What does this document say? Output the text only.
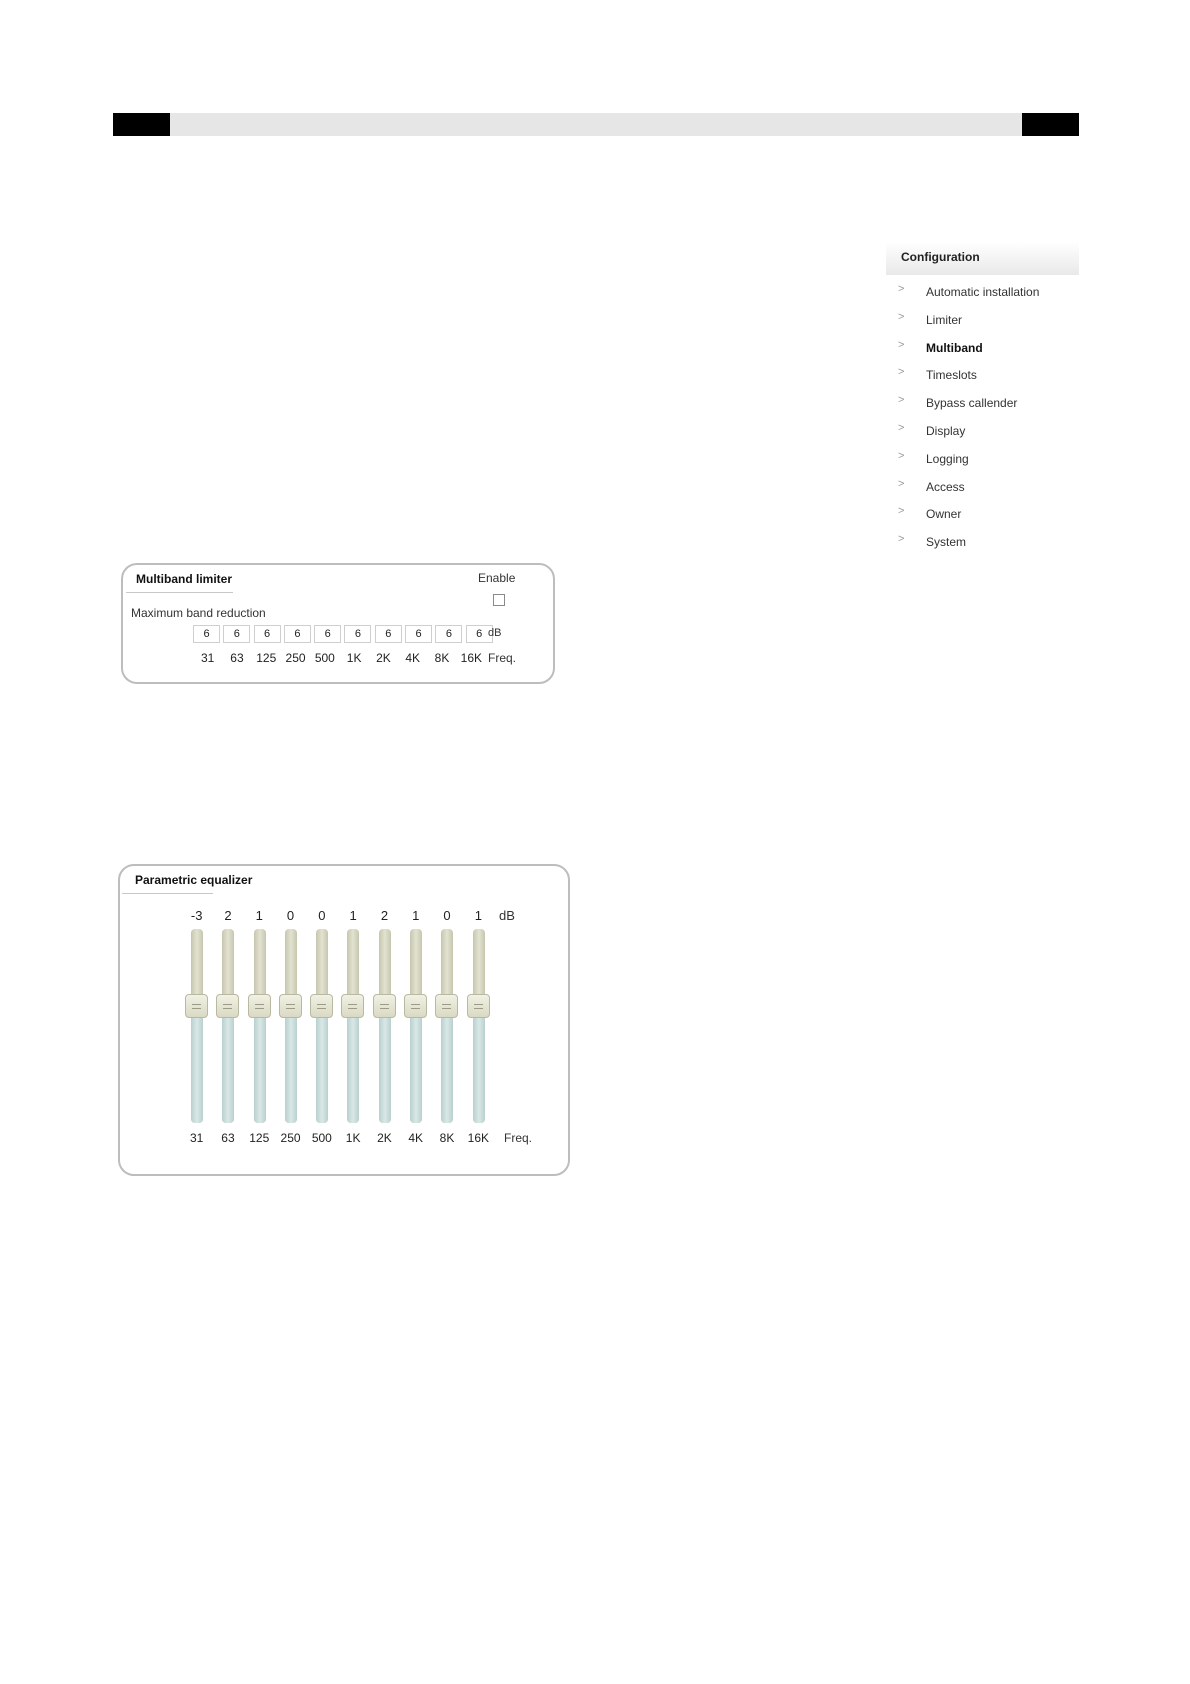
Configuration
> Automatic installation
> Limiter
> Multiband
> Timeslots
> Bypass callender
> Display
> Logging
> Access
> Owner
> System
Multiband limiter	Enable
Maximum band reduction
6	6	6	6	6	6	6	6	6	6 dB
31	63	125 250 500 1K	2K	4K	8K 16K Freq.
Parametric equalizer
-3	2	1	0	0	1	2	1	0	1	dB
31	63	125 250 500	1K	2K	4K	8K	16K	Freq.
